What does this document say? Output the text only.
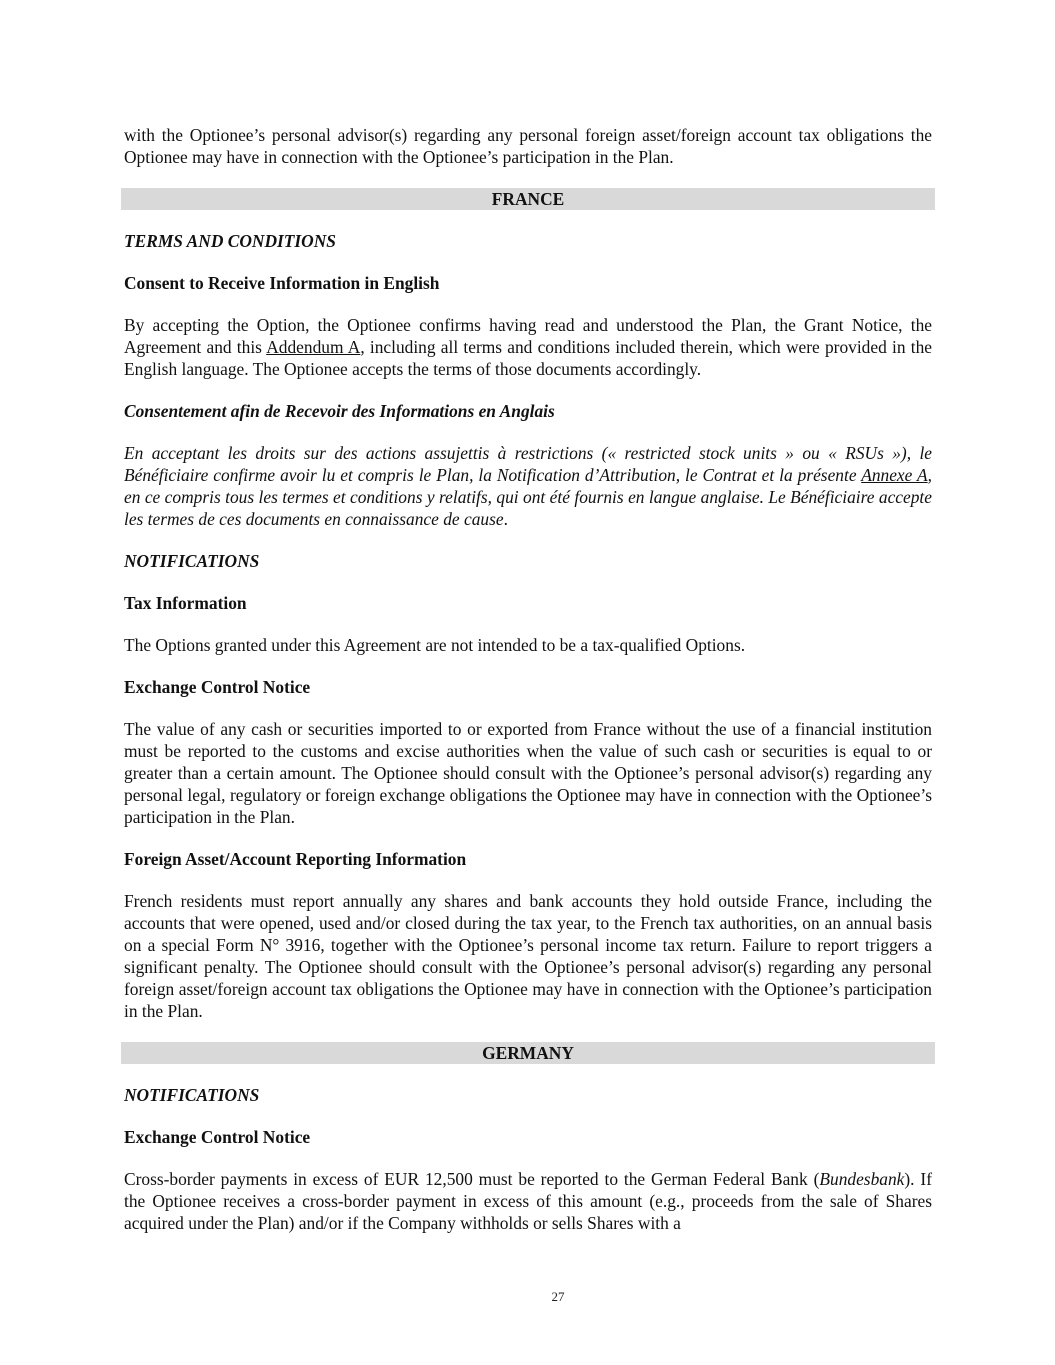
with the Optionee’s personal advisor(s) regarding any personal foreign asset/foreign account tax obligations the Optionee may have in connection with the Optionee’s participation in the Plan.

FRANCE

TERMS AND CONDITIONS

Consent to Receive Information in English

By accepting the Option, the Optionee confirms having read and understood the Plan, the Grant Notice, the Agreement and this Addendum A, including all terms and conditions included therein, which were provided in the English language. The Optionee accepts the terms of those documents accordingly.

Consentement afin de Recevoir des Informations en Anglais

En acceptant les droits sur des actions assujettis à restrictions (« restricted stock units » ou « RSUs »), le Bénéficiaire confirme avoir lu et compris le Plan, la Notification d’Attribution, le Contrat et la présente Annexe A, en ce compris tous les termes et conditions y relatifs, qui ont été fournis en langue anglaise. Le Bénéficiaire accepte les termes de ces documents en connaissance de cause.

NOTIFICATIONS

Tax Information

The Options granted under this Agreement are not intended to be a tax-qualified Options.

Exchange Control Notice

The value of any cash or securities imported to or exported from France without the use of a financial institution must be reported to the customs and excise authorities when the value of such cash or securities is equal to or greater than a certain amount. The Optionee should consult with the Optionee’s personal advisor(s) regarding any personal legal, regulatory or foreign exchange obligations the Optionee may have in connection with the Optionee’s participation in the Plan.

Foreign Asset/Account Reporting Information

French residents must report annually any shares and bank accounts they hold outside France, including the accounts that were opened, used and/or closed during the tax year, to the French tax authorities, on an annual basis on a special Form N° 3916, together with the Optionee’s personal income tax return. Failure to report triggers a significant penalty. The Optionee should consult with the Optionee’s personal advisor(s) regarding any personal foreign asset/foreign account tax obligations the Optionee may have in connection with the Optionee’s participation in the Plan.

GERMANY

NOTIFICATIONS

Exchange Control Notice

Cross-border payments in excess of EUR 12,500 must be reported to the German Federal Bank (Bundesbank). If the Optionee receives a cross-border payment in excess of this amount (e.g., proceeds from the sale of Shares acquired under the Plan) and/or if the Company withholds or sells Shares with a

27
